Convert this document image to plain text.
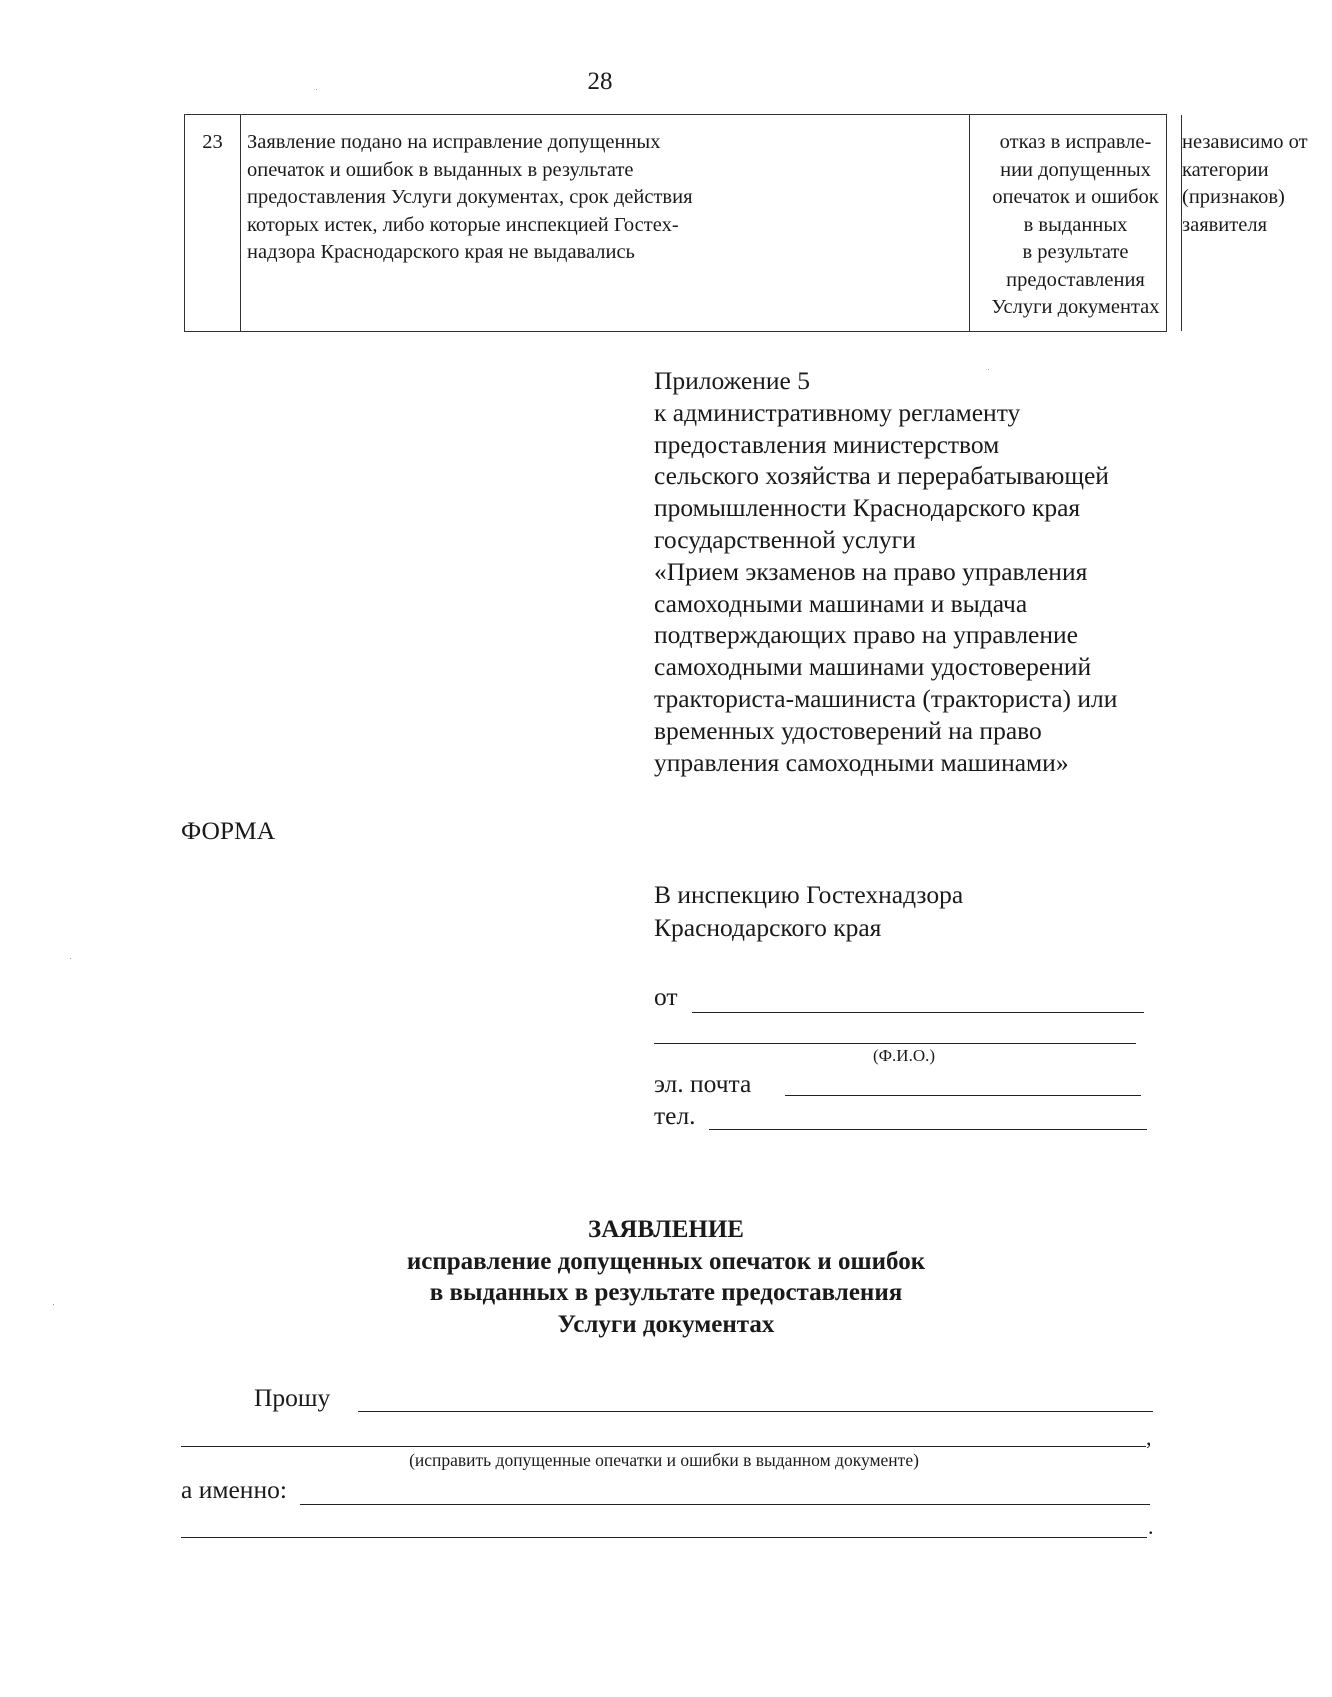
28
23	Заявление подано на исправление допущенных
опечаток и ошибок в выданных в результате
предоставления Услуги документах, срок действия
которых истек, либо которые инспекцией Гостех-
надзора Краснодарского края не выдавались
отказ в исправле-
нии допущенных
опечаток и ошибок
в выданных
в результате
предоставления
Услуги документах
независимо от
категории
(признаков)
заявителя
Приложение 5
к административному регламенту
предоставления министерством
сельского хозяйства и перерабатывающей
промышленности Краснодарского края
государственной услуги
«Прием экзаменов на право управления
самоходными машинами и выдача
подтверждающих право на управление
самоходными машинами удостоверений
тракториста-машиниста (тракториста) или
временных удостоверений на право
управления самоходными машинами»
ФОРМА
В инспекцию Гостехнадзора
Краснодарского края
от
(Ф.И.О.)
эл. почта
тел.
ЗАЯВЛЕНИЕ
исправление допущенных опечаток и ошибок
в выданных в результате предоставления
Услуги документах
Прошу
,
(исправить допущенные опечатки и ошибки в выданном документе)
а именно:
.
